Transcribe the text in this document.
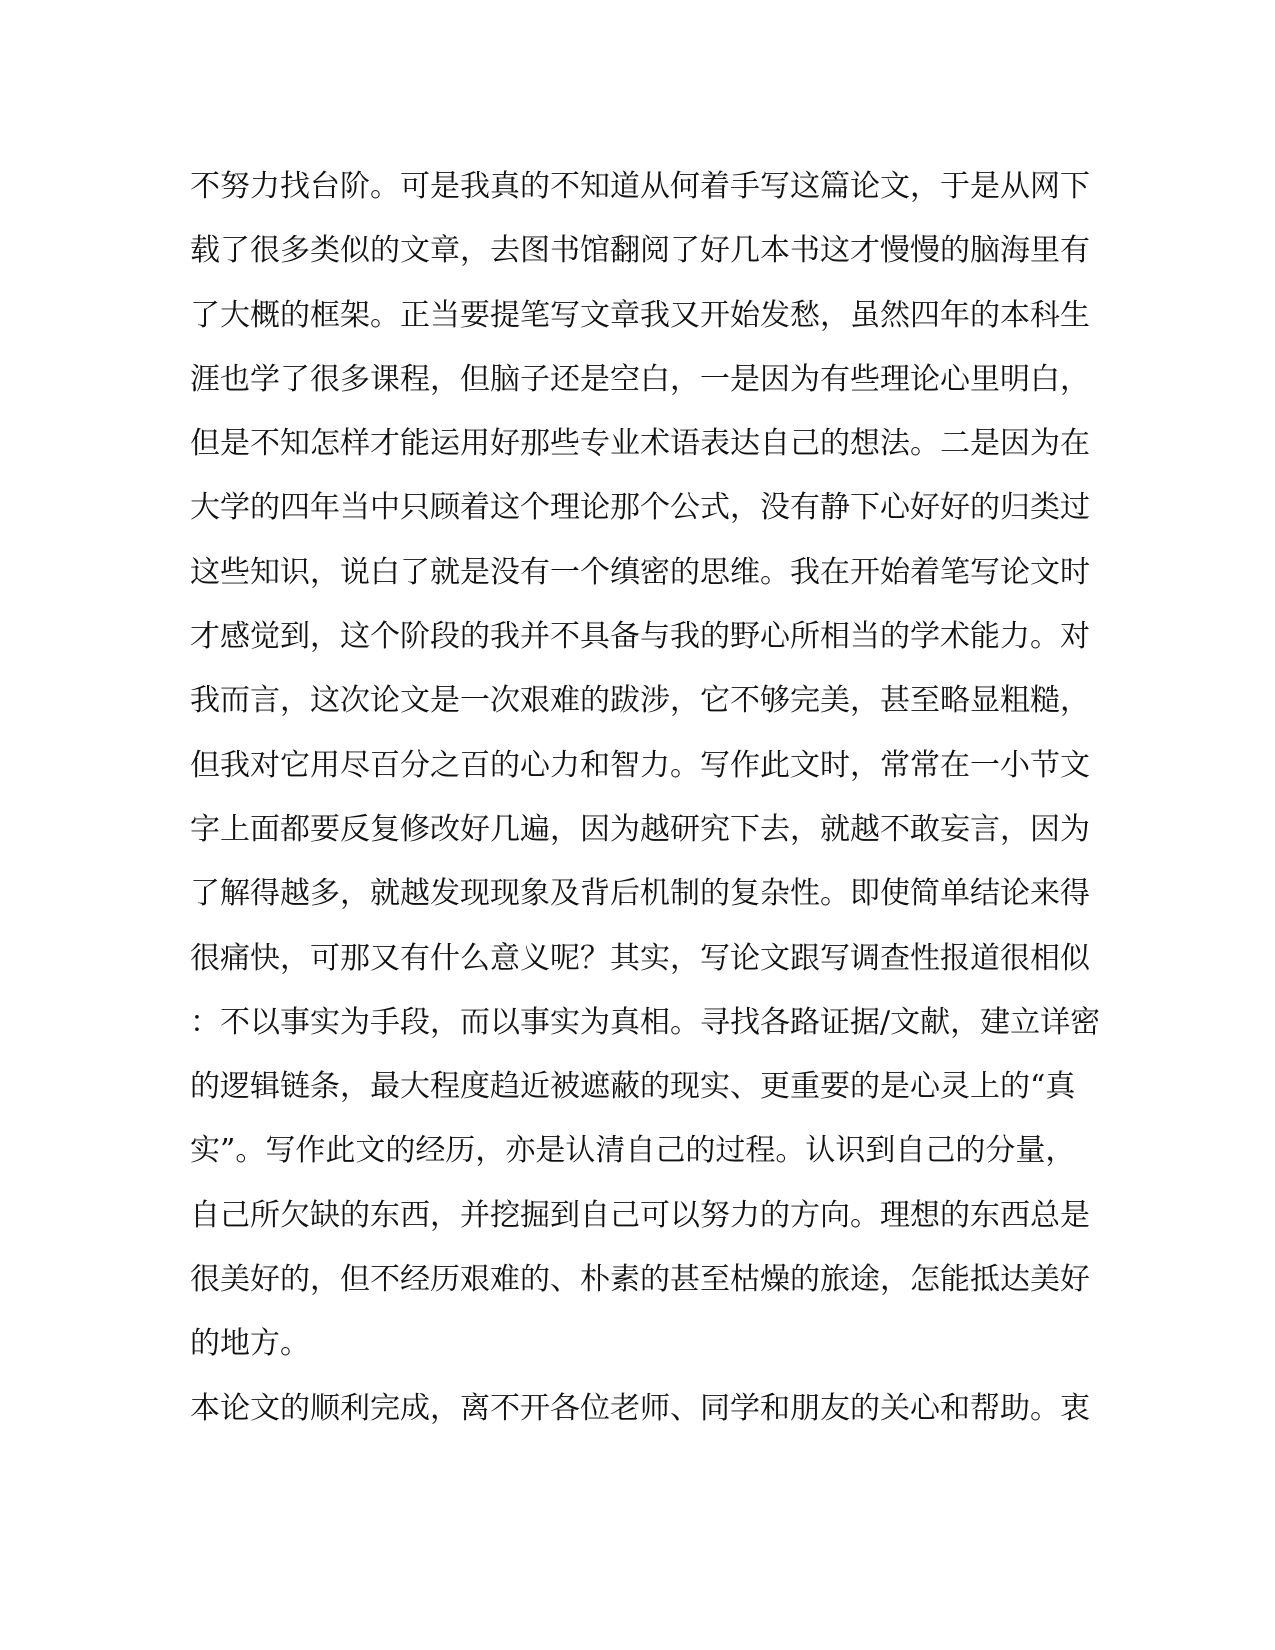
不努力找台阶。可是我真的不知道从何着手写这篇论文，于是从网下
载了很多类似的文章，去图书馆翻阅了好几本书这才慢慢的脑海里有
了大概的框架。正当要提笔写文章我又开始发愁，虽然四年的本科生
涯也学了很多课程，但脑子还是空白，一是因为有些理论心里明白，
但是不知怎样才能运用好那些专业术语表达自己的想法。二是因为在
大学的四年当中只顾着这个理论那个公式，没有静下心好好的归类过
这些知识，说白了就是没有一个缜密的思维。我在开始着笔写论文时
才感觉到，这个阶段的我并不具备与我的野心所相当的学术能力。对
我而言，这次论文是一次艰难的跋涉，它不够完美，甚至略显粗糙，
但我对它用尽百分之百的心力和智力。写作此文时，常常在一小节文
字上面都要反复修改好几遍，因为越研究下去，就越不敢妄言，因为
了解得越多，就越发现现象及背后机制的复杂性。即使简单结论来得
很痛快，可那又有什么意义呢？其实，写论文跟写调查性报道很相似
：不以事实为手段，而以事实为真相。寻找各路证据/文献，建立详密
的逻辑链条，最大程度趋近被遮蔽的现实、更重要的是心灵上的“真
实”。写作此文的经历，亦是认清自己的过程。认识到自己的分量，
自己所欠缺的东西，并挖掘到自己可以努力的方向。理想的东西总是
很美好的，但不经历艰难的、朴素的甚至枯燥的旅途，怎能抵达美好
的地方。
本论文的顺利完成，离不开各位老师、同学和朋友的关心和帮助。衷
